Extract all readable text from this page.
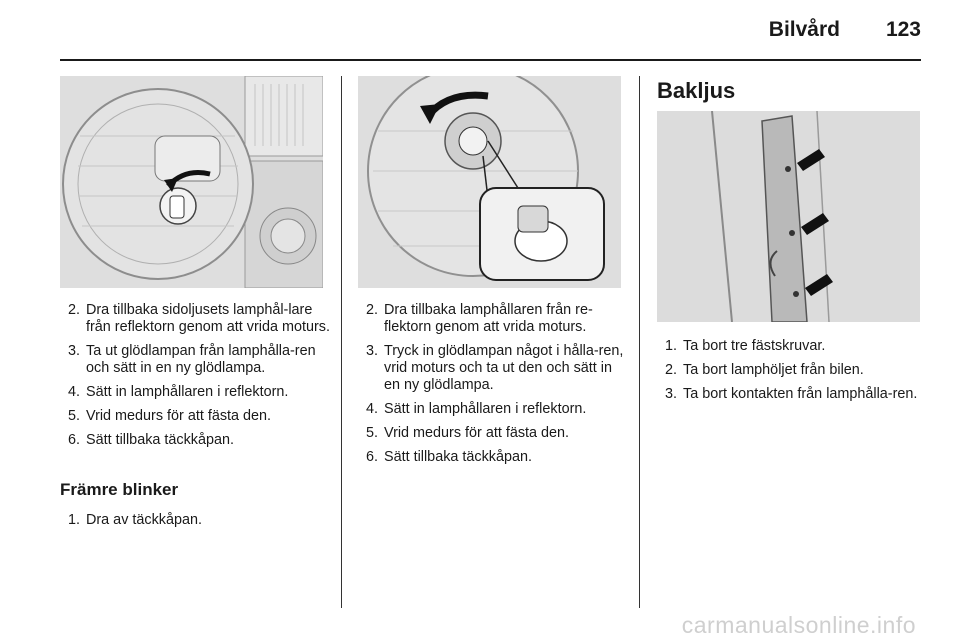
Bilvård 123
2. Dra tillbaka sidoljusets lamphål-lare från reflektorn genom att vrida moturs.
3. Ta ut glödlampan från lamphålla-ren och sätt in en ny glödlampa.
4. Sätt in lamphållaren i reflektorn.
5. Vrid medurs för att fästa den.
6. Sätt tillbaka täckkåpan.
Främre blinker
1. Dra av täckkåpan.
2. Dra tillbaka lamphållaren från re-flektorn genom att vrida moturs.
3. Tryck in glödlampan något i hålla-ren, vrid moturs och ta ut den och sätt in en ny glödlampa.
4. Sätt in lamphållaren i reflektorn.
5. Vrid medurs för att fästa den.
6. Sätt tillbaka täckkåpan.
Bakljus
1. Ta bort tre fästskruvar.
2. Ta bort lamphöljet från bilen.
3. Ta bort kontakten från lamphålla-ren.
carmanualsonline.info
